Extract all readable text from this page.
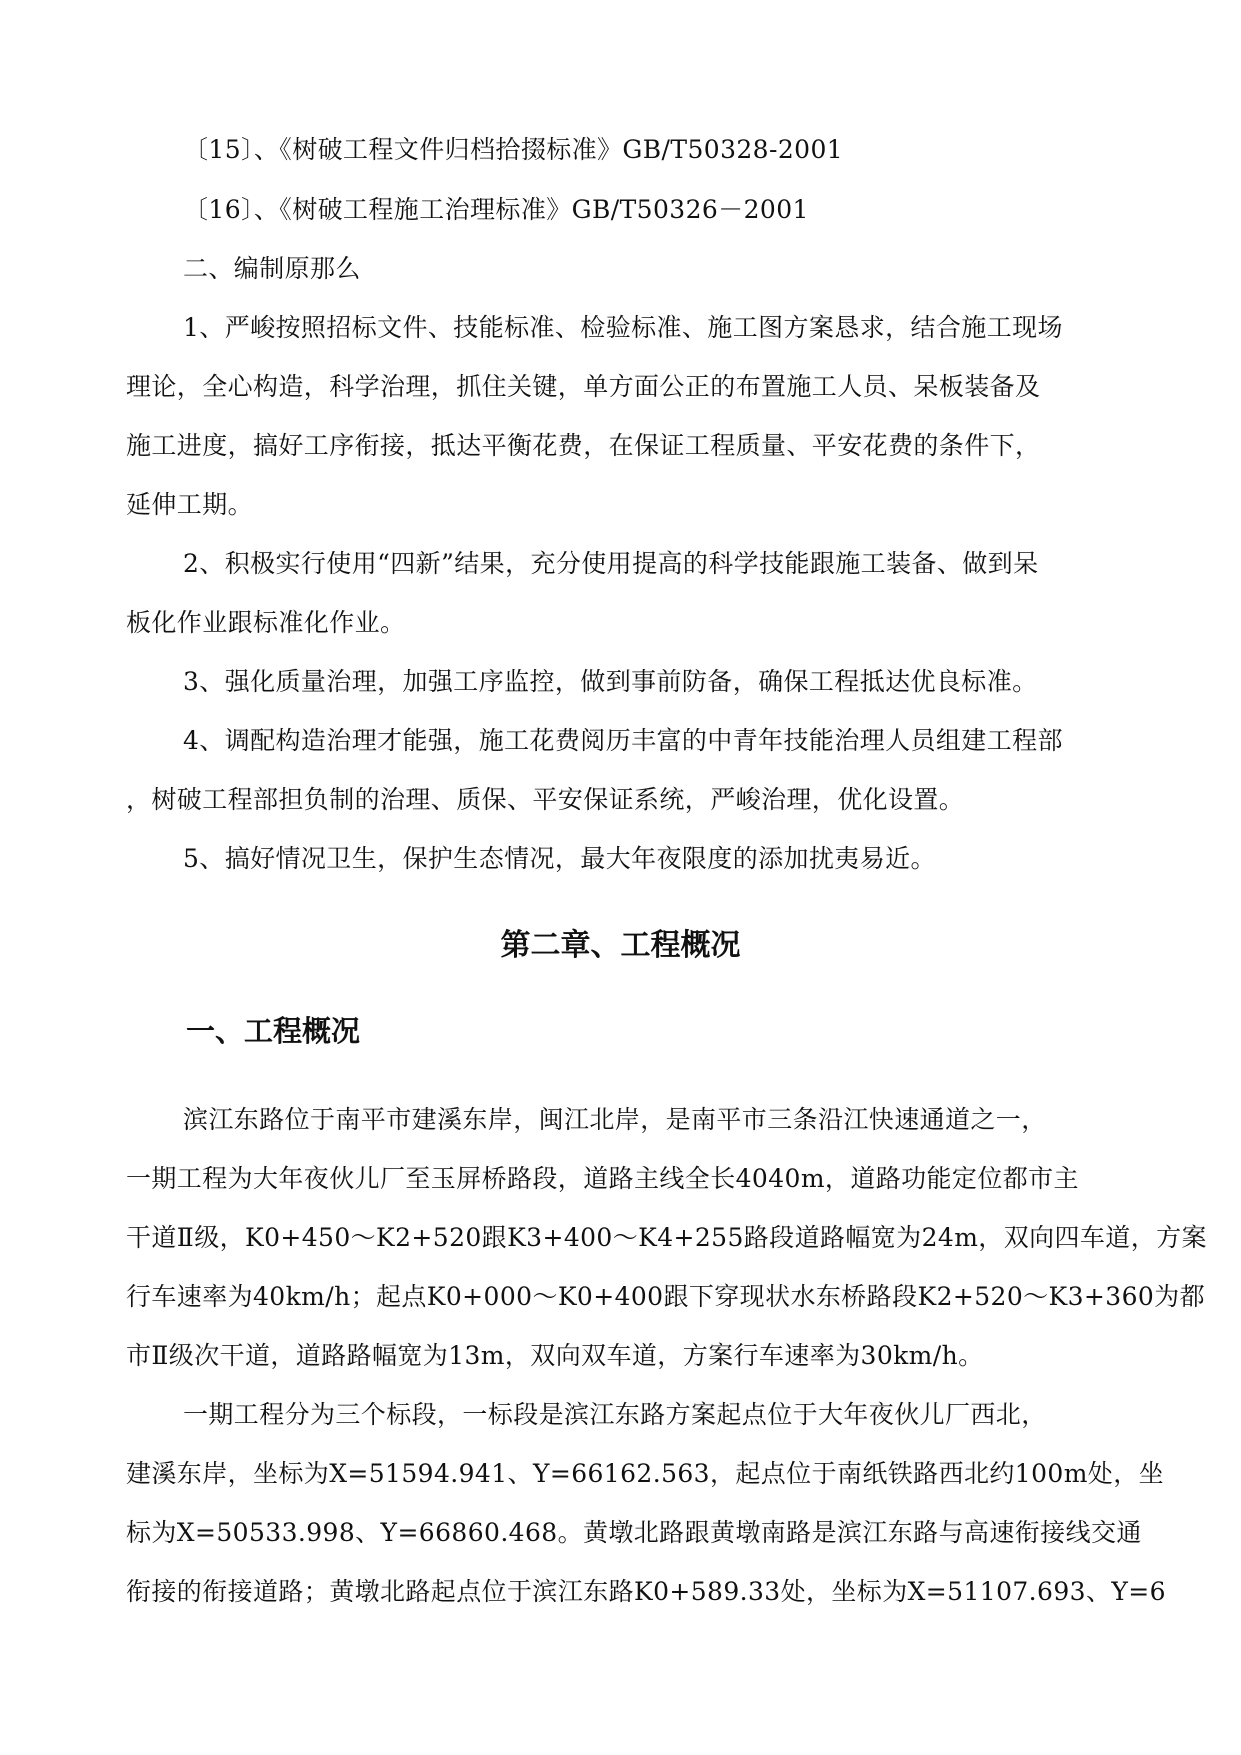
〔15〕、《树破工程文件归档拾掇标准》GB/T50328-2001
〔16〕、《树破工程施工治理标准》GB/T50326－2001
二、编制原那么
1、严峻按照招标文件、技能标准、检验标准、施工图方案恳求，结合施工现场
理论，全心构造，科学治理，抓住关键，单方面公正的布置施工人员、呆板装备及
施工进度，搞好工序衔接，抵达平衡花费，在保证工程质量、平安花费的条件下，
延伸工期。
2、积极实行使用“四新”结果，充分使用提高的科学技能跟施工装备、做到呆
板化作业跟标准化作业。
3、强化质量治理，加强工序监控，做到事前防备，确保工程抵达优良标准。
4、调配构造治理才能强，施工花费阅历丰富的中青年技能治理人员组建工程部
，树破工程部担负制的治理、质保、平安保证系统，严峻治理，优化设置。
5、搞好情况卫生，保护生态情况，最大年夜限度的添加扰夷易近。
第二章、工程概况
一、工程概况
滨江东路位于南平市建溪东岸，闽江北岸，是南平市三条沿江快速通道之一，
一期工程为大年夜伙儿厂至玉屏桥路段，道路主线全长4040m，道路功能定位都市主
干道Ⅱ级，K0+450～K2+520跟K3+400～K4+255路段道路幅宽为24m，双向四车道，方案
行车速率为40km/h；起点K0+000～K0+400跟下穿现状水东桥路段K2+520～K3+360为都
市Ⅱ级次干道，道路路幅宽为13m，双向双车道，方案行车速率为30km/h。
一期工程分为三个标段，一标段是滨江东路方案起点位于大年夜伙儿厂西北，
建溪东岸，坐标为X=51594.941、Y=66162.563，起点位于南纸铁路西北约100m处，坐
标为X=50533.998、Y=66860.468。黄墩北路跟黄墩南路是滨江东路与高速衔接线交通
衔接的衔接道路；黄墩北路起点位于滨江东路K0+589.33处，坐标为X=51107.693、Y=6
